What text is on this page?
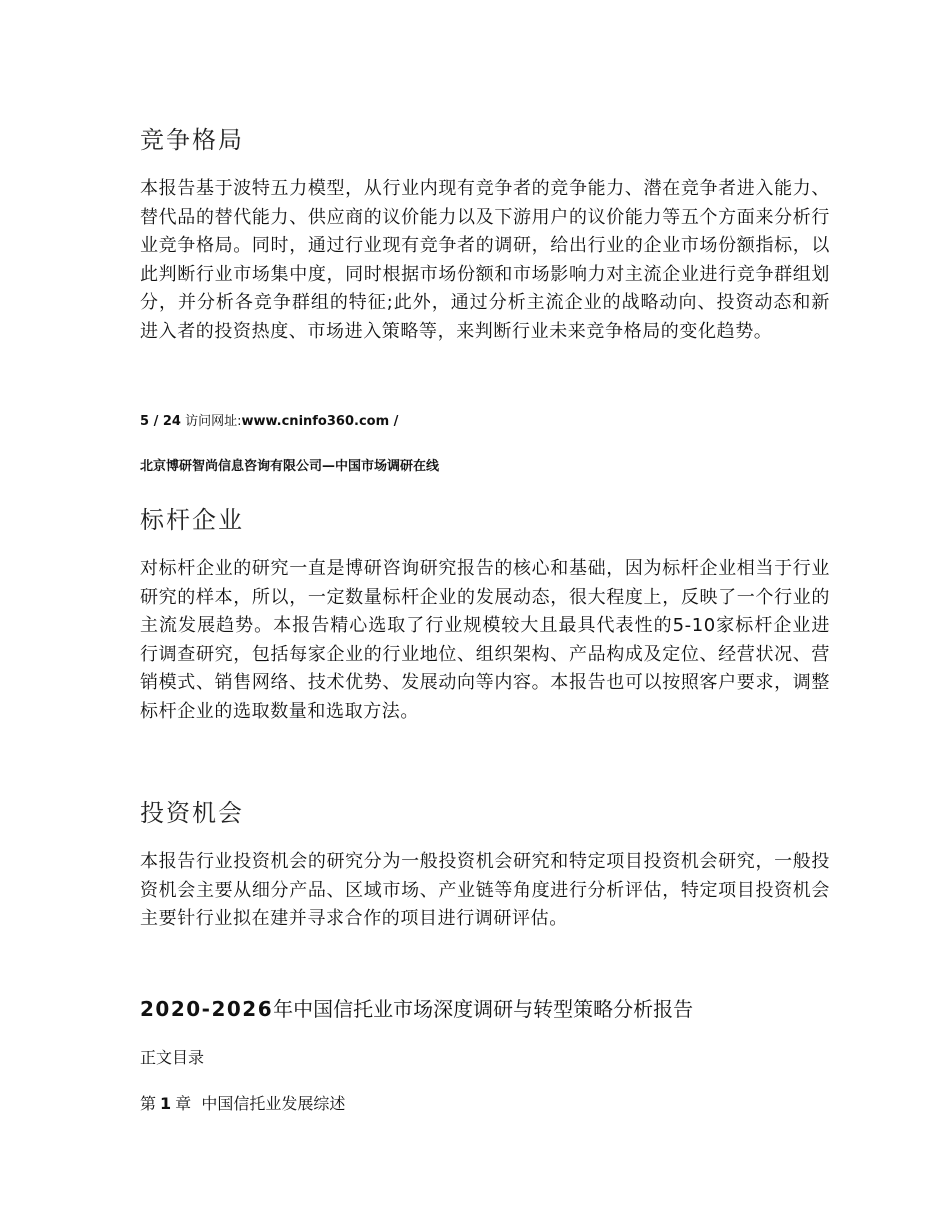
竞争格局
本报告基于波特五力模型，从行业内现有竞争者的竞争能力、潜在竞争者进入能力、替代品的替代能力、供应商的议价能力以及下游用户的议价能力等五个方面来分析行业竞争格局。同时，通过行业现有竞争者的调研，给出行业的企业市场份额指标，以此判断行业市场集中度，同时根据市场份额和市场影响力对主流企业进行竞争群组划分，并分析各竞争群组的特征;此外，通过分析主流企业的战略动向、投资动态和新进入者的投资热度、市场进入策略等，来判断行业未来竞争格局的变化趋势。
5 / 24 访问网址:www.cninfo360.com /
北京博研智尚信息咨询有限公司—中国市场调研在线
标杆企业
对标杆企业的研究一直是博研咨询研究报告的核心和基础，因为标杆企业相当于行业研究的样本，所以，一定数量标杆企业的发展动态，很大程度上，反映了一个行业的主流发展趋势。本报告精心选取了行业规模较大且最具代表性的5-10家标杆企业进行调查研究，包括每家企业的行业地位、组织架构、产品构成及定位、经营状况、营销模式、销售网络、技术优势、发展动向等内容。本报告也可以按照客户要求，调整标杆企业的选取数量和选取方法。
投资机会
本报告行业投资机会的研究分为一般投资机会研究和特定项目投资机会研究，一般投资机会主要从细分产品、区域市场、产业链等角度进行分析评估，特定项目投资机会主要针行业拟在建并寻求合作的项目进行调研评估。
2020-2026年中国信托业市场深度调研与转型策略分析报告
正文目录
第 1 章  中国信托业发展综述
